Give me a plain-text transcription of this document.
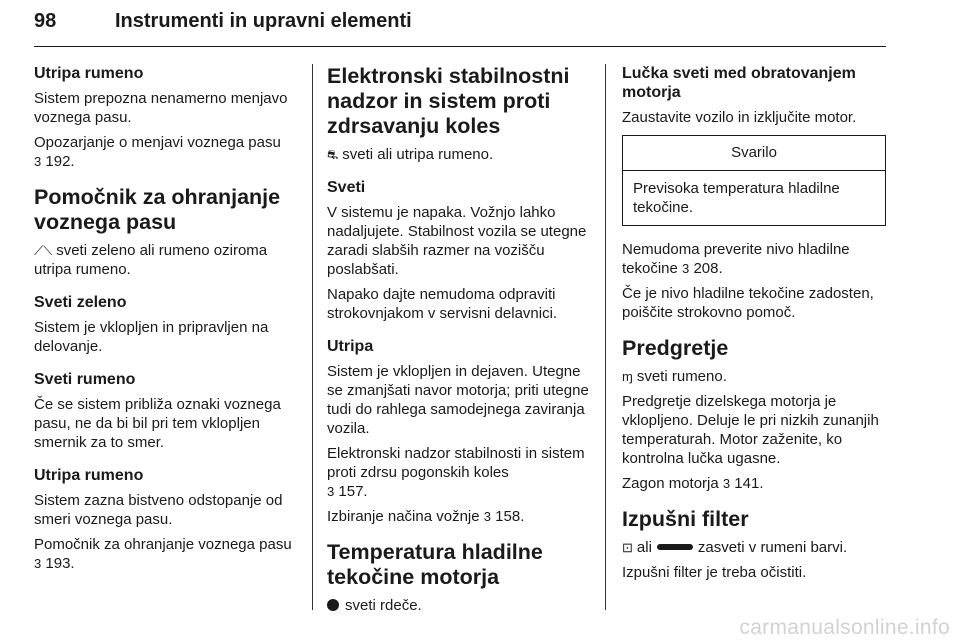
98	Instrumenti in upravni elementi
Utripa rumeno

Sistem prepozna nenamerno menjavo voznega pasu.

Opozarjanje o menjavi voznega pasu
3 192.

Pomočnik za ohranjanje voznega pasu

⟋⟍ sveti zeleno ali rumeno oziroma utripa rumeno.

Sveti zeleno

Sistem je vklopljen in pripravljen na delovanje.

Sveti rumeno

Če se sistem približa oznaki voznega pasu, ne da bi bil pri tem vklopljen smernik za to smer.

Utripa rumeno

Sistem zazna bistveno odstopanje od smeri voznega pasu.

Pomočnik za ohranjanje voznega pasu 3 193.

Elektronski stabilnostni nadzor in sistem proti zdrsavanju koles

⛐ sveti ali utripa rumeno.

Sveti

V sistemu je napaka. Vožnjo lahko nadaljujete. Stabilnost vozila se utegne zaradi slabših razmer na vozišču poslabšati.

Napako dajte nemudoma odpraviti strokovnjakom v servisni delavnici.

Utripa

Sistem je vklopljen in dejaven. Utegne se zmanjšati navor motorja; priti utegne tudi do rahlega samodejnega zaviranja vozila.

Elektronski nadzor stabilnosti in sistem proti zdrsu pogonskih koles
3 157.

Izbiranje načina vožnje 3 158.

Temperatura hladilne tekočine motorja

sveti rdeče.

Lučka sveti med obratovanjem motorja

Zaustavite vozilo in izključite motor.

Svarilo
Previsoka temperatura hladilne tekočine.

Nemudoma preverite nivo hladilne tekočine 3 208.

Če je nivo hladilne tekočine zadosten, poiščite strokovno pomoč.

Predgretje

ɱ sveti rumeno.

Predgretje dizelskega motorja je vklopljeno. Deluje le pri nizkih zunanjih temperaturah. Motor zaženite, ko kontrolna lučka ugasne.

Zagon motorja 3 141.

Izpušni filter

⊡ ali	zasveti v rumeni barvi.

Izpušni filter je treba očistiti.

carmanualsonline.info
